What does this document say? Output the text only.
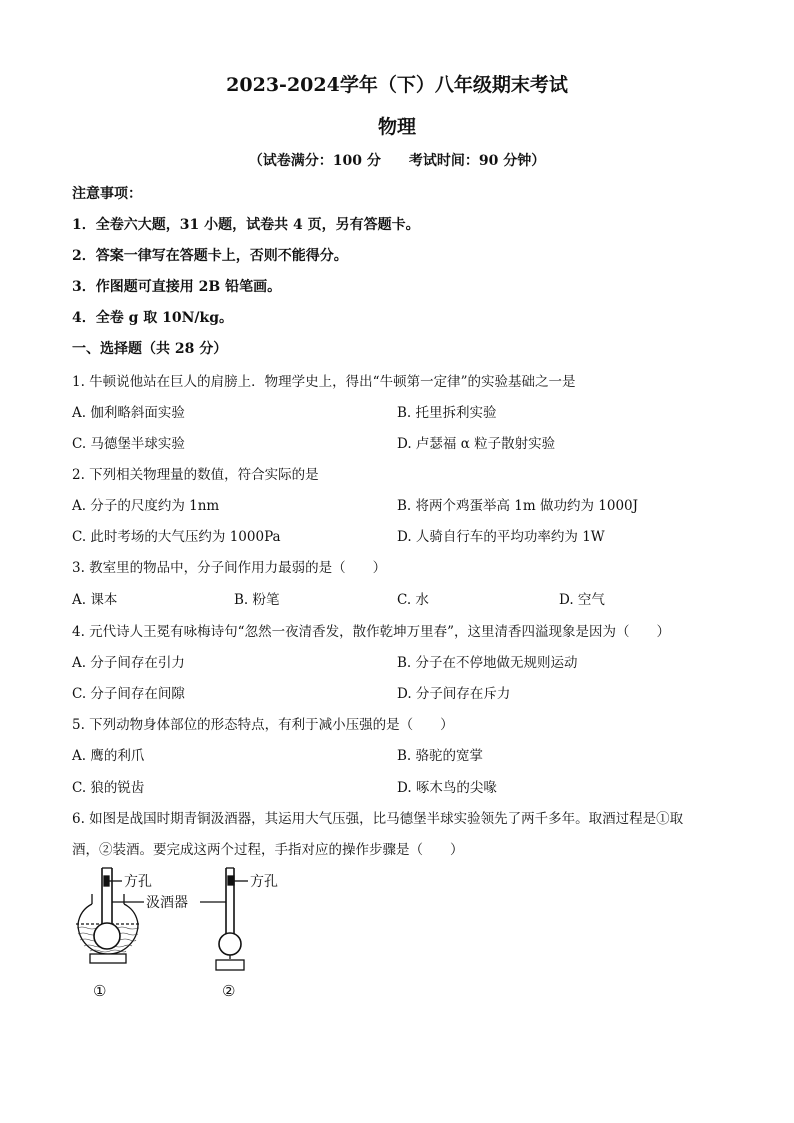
2023-2024学年（下）八年级期末考试
物理
（试卷满分：100 分　　考试时间：90 分钟）
注意事项：
1．全卷六大题，31 小题，试卷共 4 页，另有答题卡。
2．答案一律写在答题卡上，否则不能得分。
3．作图题可直接用 2B 铅笔画。
4．全卷 g 取 10N/kg。
一、选择题（共 28 分）
1. 牛顿说他站在巨人的肩膀上．物理学史上，得出“牛顿第一定律”的实验基础之一是
A. 伽利略斜面实验	B. 托里拆利实验
C. 马德堡半球实验	D. 卢瑟福 α 粒子散射实验
2. 下列相关物理量的数值，符合实际的是
A. 分子的尺度约为 1nm	B. 将两个鸡蛋举高 1m 做功约为 1000J
C. 此时考场的大气压约为 1000Pa	D. 人骑自行车的平均功率约为 1W
3. 教室里的物品中，分子间作用力最弱的是（　　）
A. 课本	B. 粉笔	C. 水	D. 空气
4. 元代诗人王冕有咏梅诗句“忽然一夜清香发，散作乾坤万里春”，这里清香四溢现象是因为（　　）
A. 分子间存在引力	B. 分子在不停地做无规则运动
C. 分子间存在间隙	D. 分子间存在斥力
5. 下列动物身体部位的形态特点，有利于减小压强的是（　　）
A. 鹰的利爪	B. 骆驼的宽掌
C. 狼的锐齿	D. 啄木鸟的尖喙
6. 如图是战国时期青铜汲酒器，其运用大气压强，比马德堡半球实验领先了两千多年。取酒过程是①取
酒，②装酒。要完成这两个过程，手指对应的操作步骤是（　　）
方孔	方孔
汲酒器
①	②
